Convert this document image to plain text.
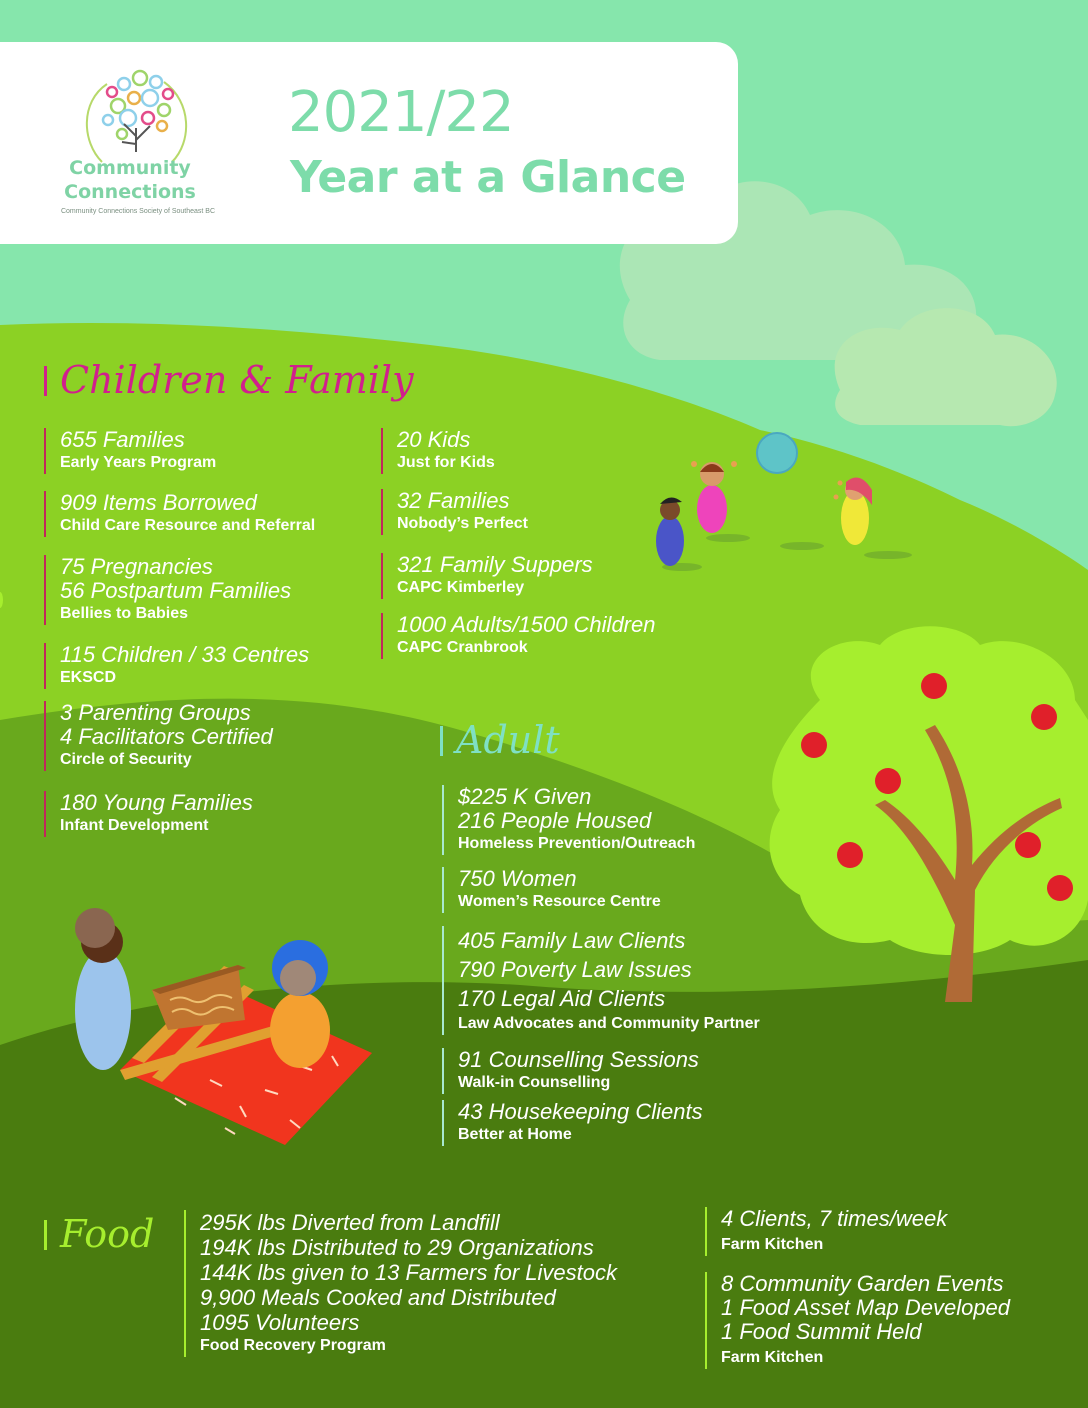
Community
Connections
Community Connections Society of Southeast BC
2021/22
Year at a Glance
Children & Family
655 Families
Early Years Program
909 Items Borrowed
Child Care Resource and Referral
75 Pregnancies
56 Postpartum Families
Bellies to Babies
115 Children / 33 Centres
EKSCD
3 Parenting Groups
4 Facilitators Certified
Circle of Security
180 Young Families
Infant Development
20 Kids
Just for Kids
32 Families
Nobody’s Perfect
321 Family Suppers
CAPC Kimberley
1000 Adults/1500 Children
CAPC Cranbrook
Adult
$225 K Given
216 People Housed
Homeless Prevention/Outreach
750 Women
Women’s Resource Centre
405 Family Law Clients
790 Poverty Law Issues
170 Legal Aid Clients
Law Advocates and Community Partner
91 Counselling Sessions
Walk-in Counselling
43 Housekeeping Clients
Better at Home
Food 295K lbs Diverted from Landfill
194K lbs Distributed to 29 Organizations
144K lbs given to 13 Farmers for Livestock
9,900 Meals Cooked and Distributed
1095 Volunteers
Food Recovery Program
4 Clients, 7 times/week
Farm Kitchen
8 Community Garden Events
1 Food Asset Map Developed
1 Food Summit Held
Farm Kitchen
